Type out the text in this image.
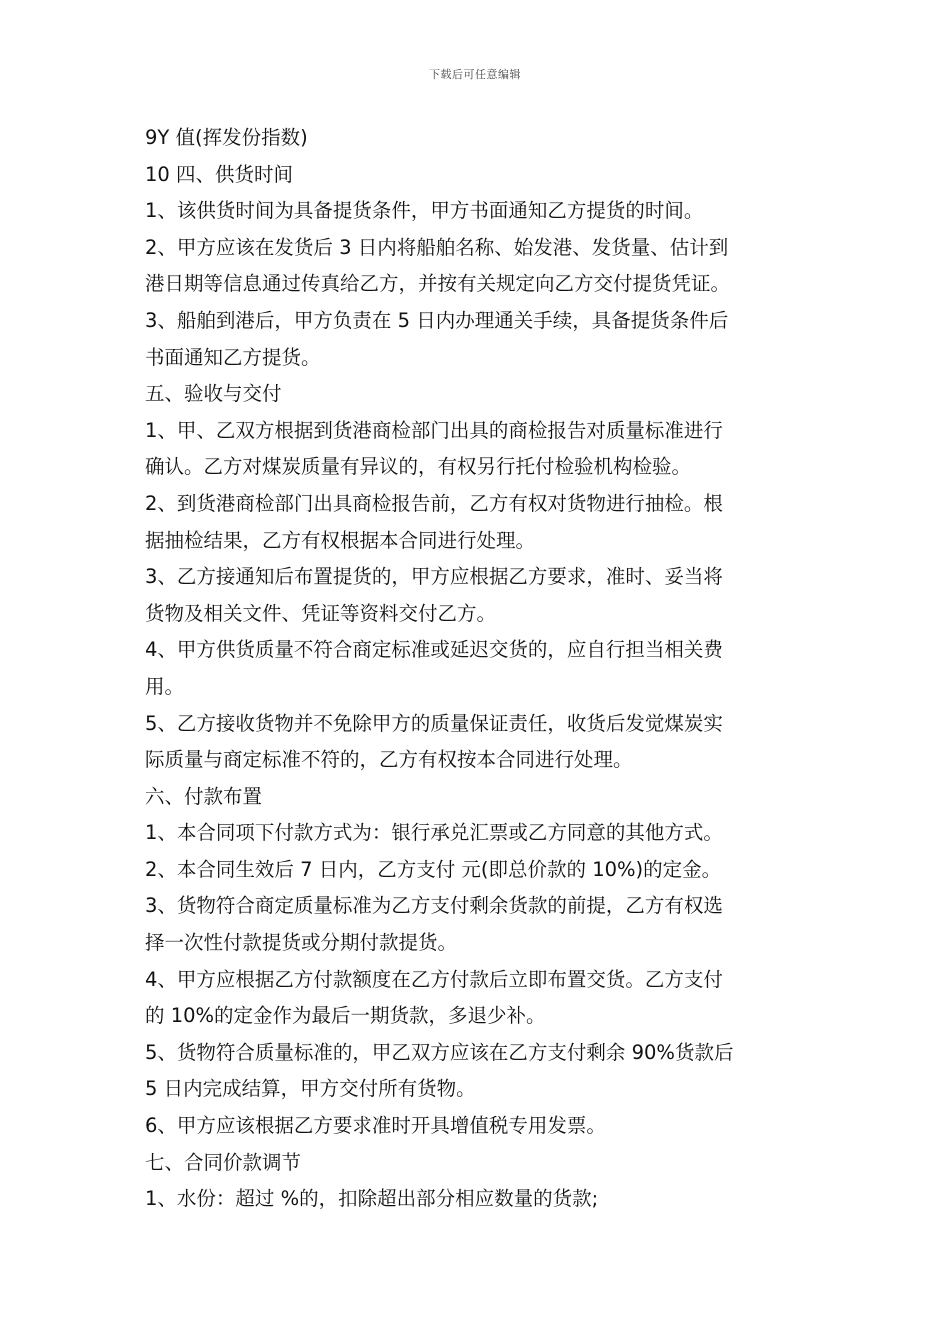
下载后可任意编辑
9Y 值(挥发份指数)
10 四、供货时间
1、该供货时间为具备提货条件，甲方书面通知乙方提货的时间。
2、甲方应该在发货后 3 日内将船舶名称、始发港、发货量、估计到
港日期等信息通过传真给乙方，并按有关规定向乙方交付提货凭证。
3、船舶到港后，甲方负责在 5 日内办理通关手续，具备提货条件后
书面通知乙方提货。
五、验收与交付
1、甲、乙双方根据到货港商检部门出具的商检报告对质量标准进行
确认。乙方对煤炭质量有异议的，有权另行托付检验机构检验。
2、到货港商检部门出具商检报告前，乙方有权对货物进行抽检。根
据抽检结果，乙方有权根据本合同进行处理。
3、乙方接通知后布置提货的，甲方应根据乙方要求，准时、妥当将
货物及相关文件、凭证等资料交付乙方。
4、甲方供货质量不符合商定标准或延迟交货的，应自行担当相关费
用。
5、乙方接收货物并不免除甲方的质量保证责任，收货后发觉煤炭实
际质量与商定标准不符的，乙方有权按本合同进行处理。
六、付款布置
1、本合同项下付款方式为：银行承兑汇票或乙方同意的其他方式。
2、本合同生效后 7 日内，乙方支付 元(即总价款的 10%)的定金。
3、货物符合商定质量标准为乙方支付剩余货款的前提，乙方有权选
择一次性付款提货或分期付款提货。
4、甲方应根据乙方付款额度在乙方付款后立即布置交货。乙方支付
的 10%的定金作为最后一期货款，多退少补。
5、货物符合质量标准的，甲乙双方应该在乙方支付剩余 90%货款后
5 日内完成结算，甲方交付所有货物。
6、甲方应该根据乙方要求准时开具增值税专用发票。
七、合同价款调节
1、水份：超过 %的，扣除超出部分相应数量的货款;
